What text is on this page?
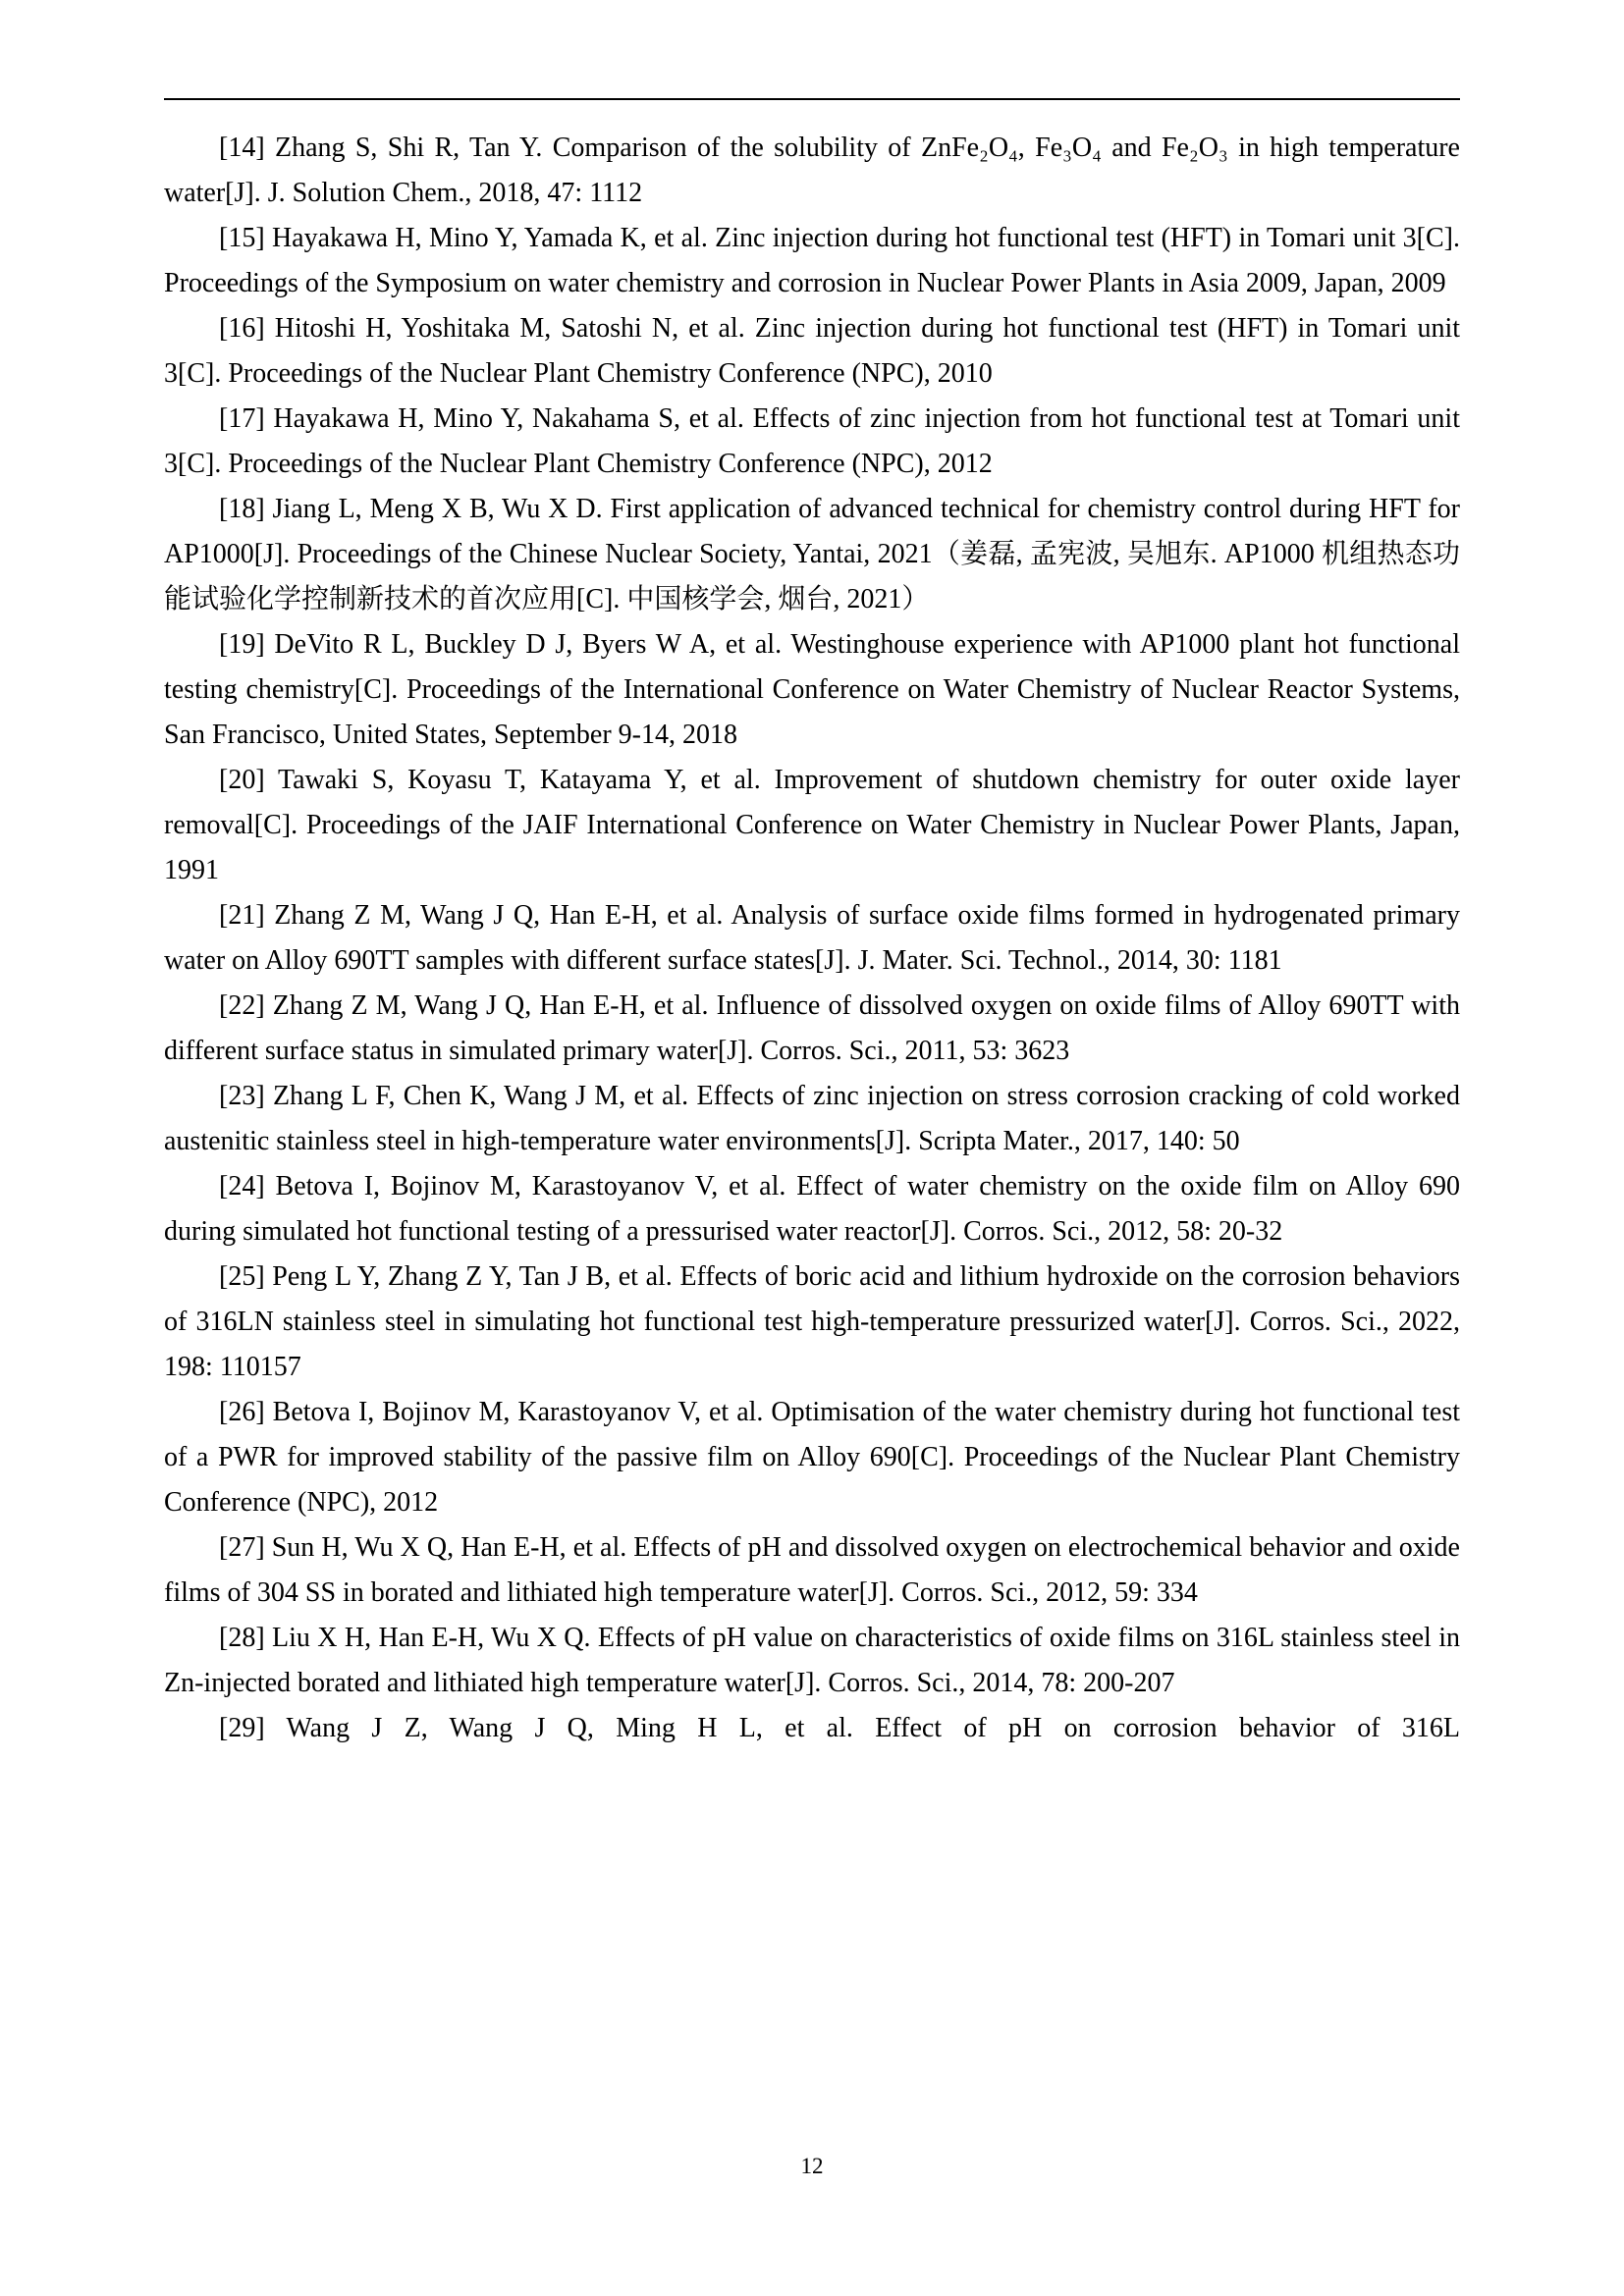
[14] Zhang S, Shi R, Tan Y. Comparison of the solubility of ZnFe₂O₄, Fe₃O₄ and Fe₂O₃ in high temperature water[J]. J. Solution Chem., 2018, 47: 1112

[15] Hayakawa H, Mino Y, Yamada K, et al. Zinc injection during hot functional test (HFT) in Tomari unit 3[C]. Proceedings of the Symposium on water chemistry and corrosion in Nuclear Power Plants in Asia 2009, Japan, 2009

[16] Hitoshi H, Yoshitaka M, Satoshi N, et al. Zinc injection during hot functional test (HFT) in Tomari unit 3[C]. Proceedings of the Nuclear Plant Chemistry Conference (NPC), 2010

[17] Hayakawa H, Mino Y, Nakahama S, et al. Effects of zinc injection from hot functional test at Tomari unit 3[C]. Proceedings of the Nuclear Plant Chemistry Conference (NPC), 2012

[18] Jiang L, Meng X B, Wu X D. First application of advanced technical for chemistry control during HFT for AP1000[J]. Proceedings of the Chinese Nuclear Society, Yantai, 2021（姜磊, 孟宪波, 吴旭东. AP1000 机组热态功能试验化学控制新技术的首次应用[C]. 中国核学会, 烟台, 2021）

[19] DeVito R L, Buckley D J, Byers W A, et al. Westinghouse experience with AP1000 plant hot functional testing chemistry[C]. Proceedings of the International Conference on Water Chemistry of Nuclear Reactor Systems, San Francisco, United States, September 9-14, 2018

[20] Tawaki S, Koyasu T, Katayama Y, et al. Improvement of shutdown chemistry for outer oxide layer removal[C]. Proceedings of the JAIF International Conference on Water Chemistry in Nuclear Power Plants, Japan, 1991

[21] Zhang Z M, Wang J Q, Han E-H, et al. Analysis of surface oxide films formed in hydrogenated primary water on Alloy 690TT samples with different surface states[J]. J. Mater. Sci. Technol., 2014, 30: 1181

[22] Zhang Z M, Wang J Q, Han E-H, et al. Influence of dissolved oxygen on oxide films of Alloy 690TT with different surface status in simulated primary water[J]. Corros. Sci., 2011, 53: 3623

[23] Zhang L F, Chen K, Wang J M, et al. Effects of zinc injection on stress corrosion cracking of cold worked austenitic stainless steel in high-temperature water environments[J]. Scripta Mater., 2017, 140: 50

[24] Betova I, Bojinov M, Karastoyanov V, et al. Effect of water chemistry on the oxide film on Alloy 690 during simulated hot functional testing of a pressurised water reactor[J]. Corros. Sci., 2012, 58: 20-32

[25] Peng L Y, Zhang Z Y, Tan J B, et al. Effects of boric acid and lithium hydroxide on the corrosion behaviors of 316LN stainless steel in simulating hot functional test high-temperature pressurized water[J]. Corros. Sci., 2022, 198: 110157

[26] Betova I, Bojinov M, Karastoyanov V, et al. Optimisation of the water chemistry during hot functional test of a PWR for improved stability of the passive film on Alloy 690[C]. Proceedings of the Nuclear Plant Chemistry Conference (NPC), 2012

[27] Sun H, Wu X Q, Han E-H, et al. Effects of pH and dissolved oxygen on electrochemical behavior and oxide films of 304 SS in borated and lithiated high temperature water[J]. Corros. Sci., 2012, 59: 334

[28] Liu X H, Han E-H, Wu X Q. Effects of pH value on characteristics of oxide films on 316L stainless steel in Zn-injected borated and lithiated high temperature water[J]. Corros. Sci., 2014, 78: 200-207

[29] Wang J Z, Wang J Q, Ming H L, et al. Effect of pH on corrosion behavior of 316L

12
